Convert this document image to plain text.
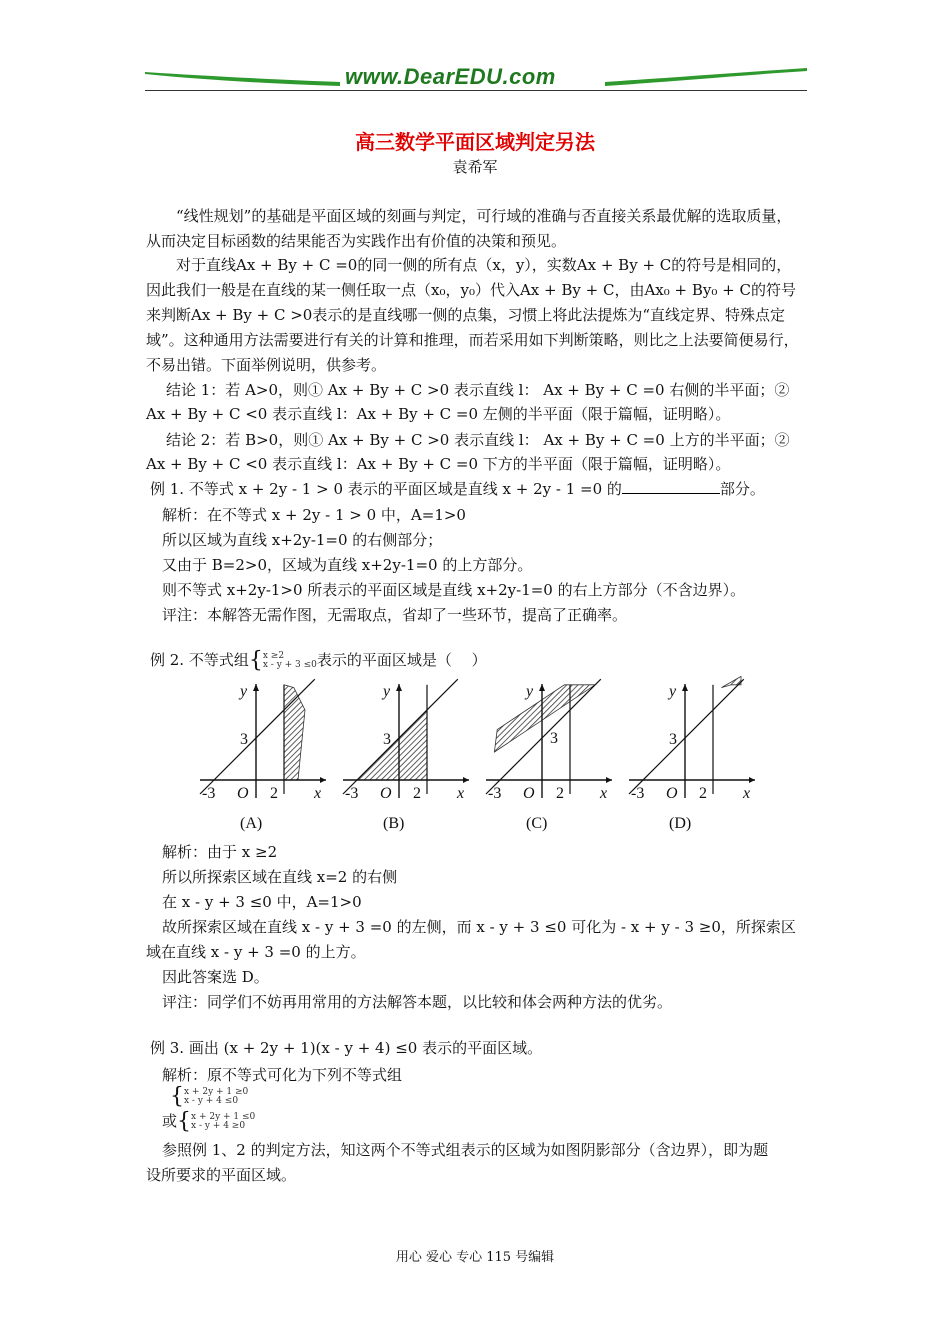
www.DearEDU.com
高三数学平面区域判定另法
袁希军
“线性规划”的基础是平面区域的刻画与判定，可行域的准确与否直接关系最优解的选取质量，从而决定目标函数的结果能否为实践作出有价值的决策和预见。
对于直线Ax + By + C =0的同一侧的所有点（x，y），实数Ax + By + C的符号是相同的，因此我们一般是在直线的某一侧任取一点（x₀，y₀）代入Ax + By + C，由Ax₀ + By₀ + C的符号来判断Ax + By + C >0表示的是直线哪一侧的点集，习惯上将此法提炼为“直线定界、特殊点定域”。这种通用方法需要进行有关的计算和推理，而若采用如下判断策略，则比之上法要简便易行，不易出错。下面举例说明，供参考。
结论 1：若 A>0，则① Ax + By + C >0 表示直线 l： Ax + By + C =0 右侧的半平面；②
Ax + By + C <0 表示直线 l：Ax + By + C =0 左侧的半平面（限于篇幅，证明略）。
结论 2：若 B>0，则① Ax + By + C >0 表示直线 l： Ax + By + C =0 上方的半平面；②
Ax + By + C <0 表示直线 l：Ax + By + C =0 下方的半平面（限于篇幅，证明略）。
例 1. 不等式 x + 2y - 1 > 0 表示的平面区域是直线 x + 2y - 1 =0 的	部分。
解析：在不等式 x + 2y - 1 > 0 中，A=1>0
所以区域为直线 x+2y-1=0 的右侧部分；
又由于 B=2>0，区域为直线 x+2y-1=0 的上方部分。
则不等式 x+2y-1>0 所表示的平面区域是直线 x+2y-1=0 的右上方部分（不含边界）。
评注：本解答无需作图，无需取点，省却了一些环节，提高了正确率。
例 2. 不等式组{x ≥2
x - y + 3 ≤0表示的平面区域是（　 ）
y
x
3
-3 O 2
(A)
y
x
3
-3 O 2
(B)
y
x
3
-3 O 2
(C)
y
x
3
-3 O 2
(D)
解析：由于 x ≥2
所以所探索区域在直线 x=2 的右侧
在 x - y + 3 ≤0 中，A=1>0
故所探索区域在直线 x - y + 3 =0 的左侧，而 x - y + 3 ≤0 可化为 - x + y - 3 ≥0，所探索区
域在直线 x - y + 3 =0 的上方。
因此答案选 D。
评注：同学们不妨再用常用的方法解答本题，以比较和体会两种方法的优劣。
例 3. 画出 (x + 2y + 1)(x - y + 4) ≤0 表示的平面区域。
解析：原不等式可化为下列不等式组
{x + 2y + 1 ≥0
x - y + 4 ≤0
或{x + 2y + 1 ≤0
x - y + 4 ≥0
参照例 1、2 的判定方法，知这两个不等式组表示的区域为如图阴影部分（含边界），即为题
设所要求的平面区域。
用心 爱心 专心 115 号编辑
